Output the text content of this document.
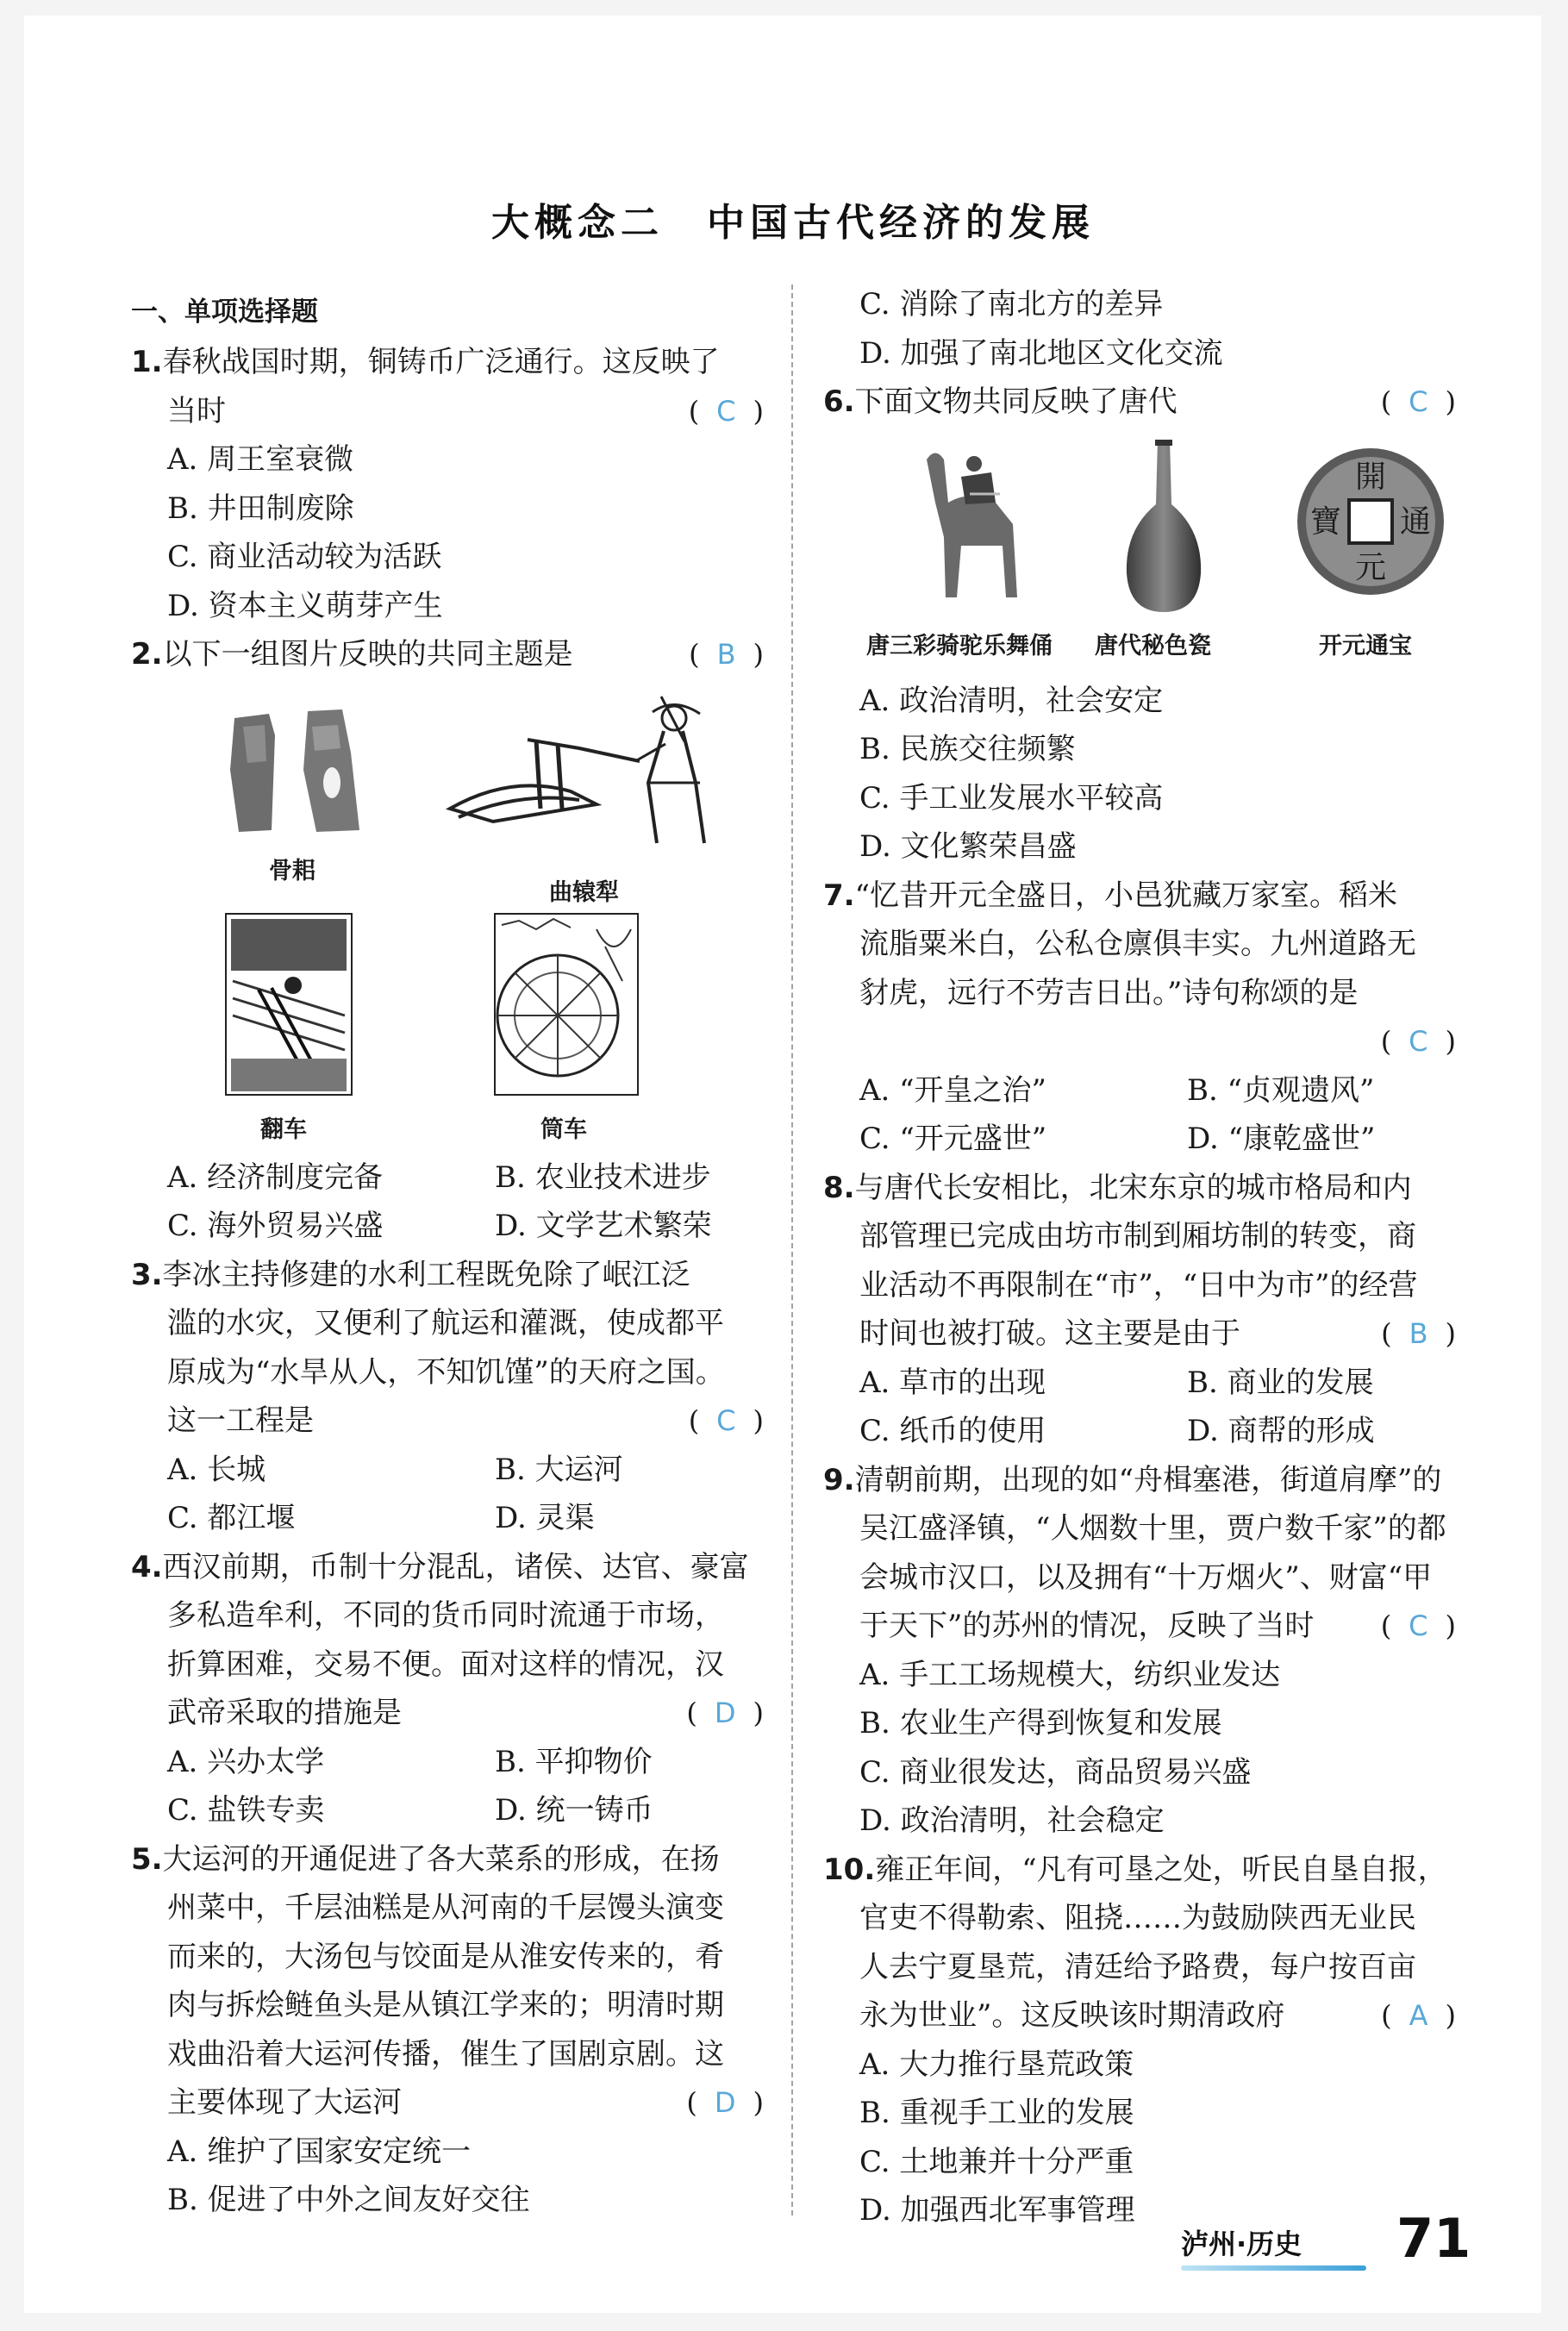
大概念二　中国古代经济的发展
一、单项选择题
1.春秋战国时期，铜铸币广泛通行。这反映了
当时	( C )
A. 周王室衰微
B. 井田制废除
C. 商业活动较为活跃
D. 资本主义萌芽产生
2.以下一组图片反映的共同主题是	( B )
骨耜
曲辕犁
翻车	筒车
A. 经济制度完备	B. 农业技术进步
C. 海外贸易兴盛	D. 文学艺术繁荣
3.李冰主持修建的水利工程既免除了岷江泛
滥的水灾，又便利了航运和灌溉，使成都平
原成为“水旱从人，不知饥馑”的天府之国。
这一工程是	( C )
A. 长城	B. 大运河
C. 都江堰	D. 灵渠
4.西汉前期，币制十分混乱，诸侯、达官、豪富
多私造牟利，不同的货币同时流通于市场，
折算困难，交易不便。面对这样的情况，汉
武帝采取的措施是	( D )
A. 兴办太学	B. 平抑物价
C. 盐铁专卖	D. 统一铸币
5.大运河的开通促进了各大菜系的形成，在扬
州菜中，千层油糕是从河南的千层馒头演变
而来的，大汤包与饺面是从淮安传来的，肴
肉与拆烩鲢鱼头是从镇江学来的；明清时期
戏曲沿着大运河传播，催生了国剧京剧。这
主要体现了大运河	( D )
A. 维护了国家安定统一
B. 促进了中外之间友好交往
C. 消除了南北方的差异
D. 加强了南北地区文化交流
6.下面文物共同反映了唐代	( C )
唐三彩骑驼乐舞俑 唐代秘色瓷
開
通
元
寶
开元通宝
A. 政治清明，社会安定
B. 民族交往频繁
C. 手工业发展水平较高
D. 文化繁荣昌盛
7.“忆昔开元全盛日，小邑犹藏万家室。稻米
流脂粟米白，公私仓廪俱丰实。九州道路无
豺虎，远行不劳吉日出。”诗句称颂的是
( C )
A. “开皇之治”	B. “贞观遗风”
C. “开元盛世”	D. “康乾盛世”
8.与唐代长安相比，北宋东京的城市格局和内
部管理已完成由坊市制到厢坊制的转变，商
业活动不再限制在“市”，“日中为市”的经营
时间也被打破。这主要是由于	( B )
A. 草市的出现	B. 商业的发展
C. 纸币的使用	D. 商帮的形成
9.清朝前期，出现的如“舟楫塞港，街道肩摩”的
吴江盛泽镇，“人烟数十里，贾户数千家”的都
会城市汉口，以及拥有“十万烟火”、财富“甲
于天下”的苏州的情况，反映了当时 ( C )
A. 手工工场规模大，纺织业发达
B. 农业生产得到恢复和发展
C. 商业很发达，商品贸易兴盛
D. 政治清明，社会稳定
10.雍正年间，“凡有可垦之处，听民自垦自报，
官吏不得勒索、阻挠……为鼓励陕西无业民
人去宁夏垦荒，清廷给予路费，每户按百亩
永为世业”。这反映该时期清政府	( A )
A. 大力推行垦荒政策
B. 重视手工业的发展
C. 土地兼并十分严重
D. 加强西北军事管理
泸州·历史 71
